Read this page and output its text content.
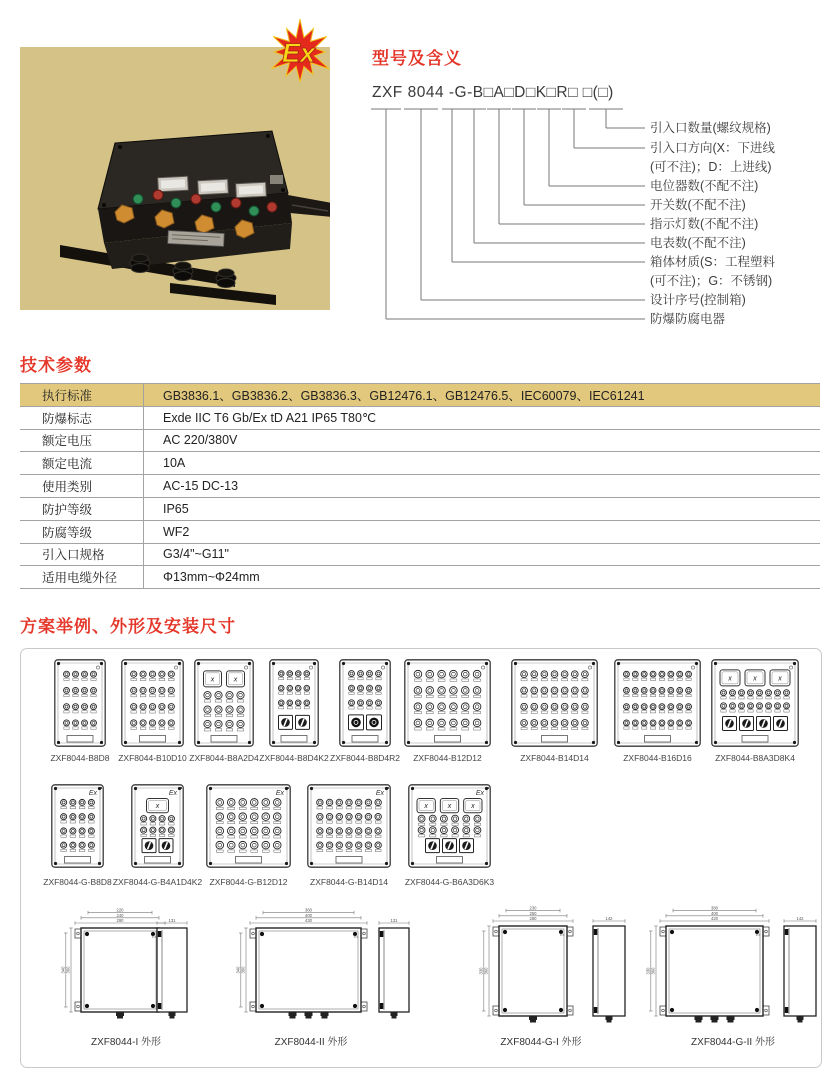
Ex	型号及含义
ZXF 8044 -G-B□A□D□K□R□ □(□)
引入口数量(螺纹规格)
引入口方向(X：下进线
(可不注)；D：上进线)
电位器数(不配不注)
开关数(不配不注)
指示灯数(不配不注)
电表数(不配不注)
箱体材质(S：工程塑料
(可不注)；G：不锈钢)
设计序号(控制箱)
防爆防腐电器
技术参数
执行标准	GB3836.1、GB3836.2、GB3836.3、GB12476.1、GB12476.5、IEC60079、IEC61241
防爆标志	Exde IIC T6 Gb/Ex tD A21 IP65 T80℃
额定电压	AC 220/380V
额定电流	10A
使用类别	AC-15 DC-13
防护等级	IP65
防腐等级	WF2
引入口规格	G3/4"~G11"
适用电缆外径	Φ13mm~Φ24mm
方案举例、外形及安装尺寸
ZXF8044-B8D8 ZXF8044-B10D10
x	x
ZXF8044-B8A2D4 ZXF8044-B8D4K2 ZXF8044-B8D4R2 ZXF8044-B12D12	ZXF8044-B14D14	ZXF8044-B16D16
x	x	x
ZXF8044-B8A3D8K4
Ex
ZXF8044-G-B8D8
Ex
x
ZXF8044-G-B4A1D4K2
Ex
ZXF8044-G-B12D12
Ex
ZXF8044-G-B14D14
Ex
x	x	x
ZXF8044-G-B6A3D6K3
Ex
290
240
220
360
340
131
ZXF8044-I 外形
Ex
430
400
360
360
340
131
ZXF8044-II 外形
Ex
280
250
230
360
330
142
ZXF8044-G-I 外形
Ex
420
400
380
360
330
142
ZXF8044-G-II 外形
